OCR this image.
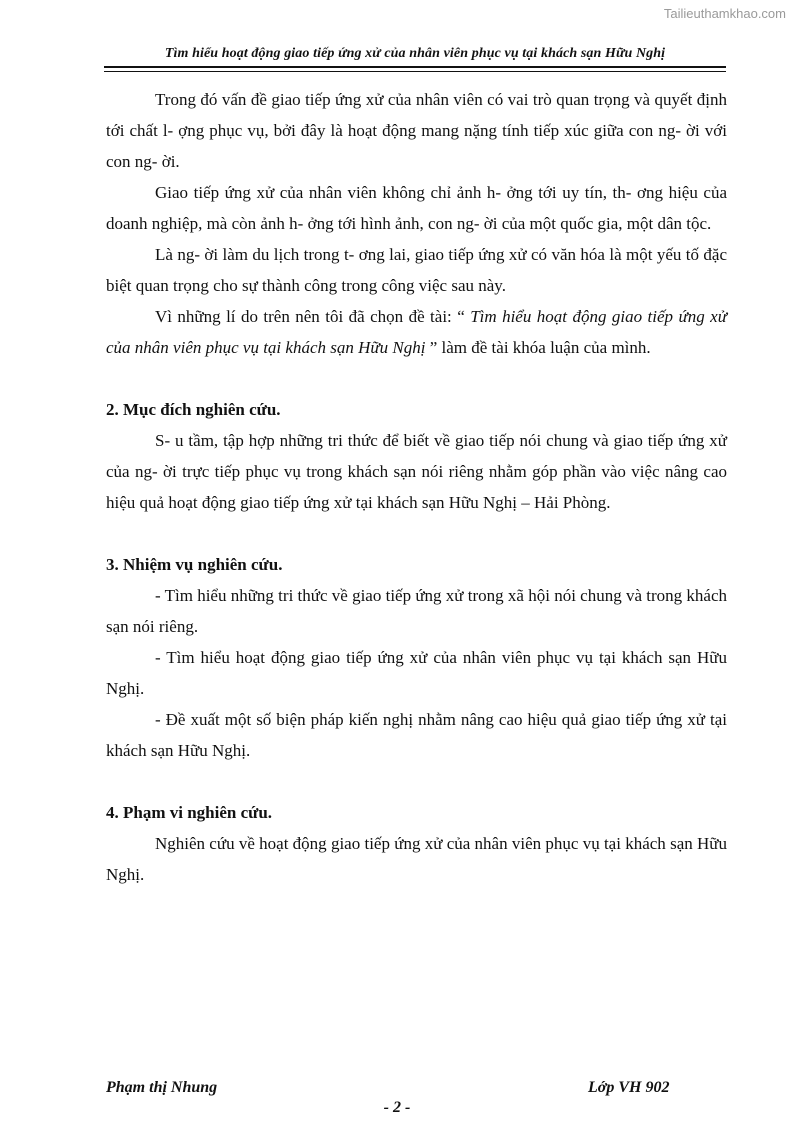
Tailieuthamkhao.com
Tìm hiểu hoạt động giao tiếp ứng xử của nhân viên phục vụ tại khách sạn Hữu Nghị

Trong đó vấn đề giao tiếp ứng xử của nhân viên có vai trò quan trọng và quyết định tới chất l- ợng phục vụ, bởi đây là hoạt động mang nặng tính tiếp xúc giữa con ng- ời với con ng- ời.

Giao tiếp ứng xử của nhân viên không chỉ ảnh h- ởng tới uy tín, th- ơng hiệu của doanh nghiệp, mà còn ảnh h- ởng tới hình ảnh, con ng- ời của một quốc gia, một dân tộc.

Là ng- ời làm du lịch trong t- ơng lai, giao tiếp ứng xử có văn hóa là một yếu tố đặc biệt quan trọng cho sự thành công trong công việc sau này.

Vì những lí do trên nên tôi đã chọn đề tài: “ Tìm hiểu hoạt động giao tiếp ứng xử của nhân viên phục vụ tại khách sạn Hữu Nghị ” làm đề tài khóa luận của mình.

2. Mục đích nghiên cứu.

S- u tầm, tập hợp những tri thức để biết về giao tiếp nói chung và giao tiếp ứng xử của ng- ời trực tiếp phục vụ trong khách sạn nói riêng nhằm góp phần vào việc nâng cao hiệu quả hoạt động giao tiếp ứng xử tại khách sạn Hữu Nghị – Hải Phòng.

3. Nhiệm vụ nghiên cứu.

- Tìm hiểu những tri thức về giao tiếp ứng xử trong xã hội nói chung và trong khách sạn nói riêng.

- Tìm hiểu hoạt động giao tiếp ứng xử của nhân viên phục vụ tại khách sạn Hữu Nghị.

- Đề xuất một số biện pháp kiến nghị nhằm nâng cao hiệu quả giao tiếp ứng xử tại khách sạn Hữu Nghị.

4. Phạm vi nghiên cứu.

Nghiên cứu về hoạt động giao tiếp ứng xử của nhân viên phục vụ tại khách sạn Hữu Nghị.

Phạm thị Nhung	Lớp VH 902
- 2 -
